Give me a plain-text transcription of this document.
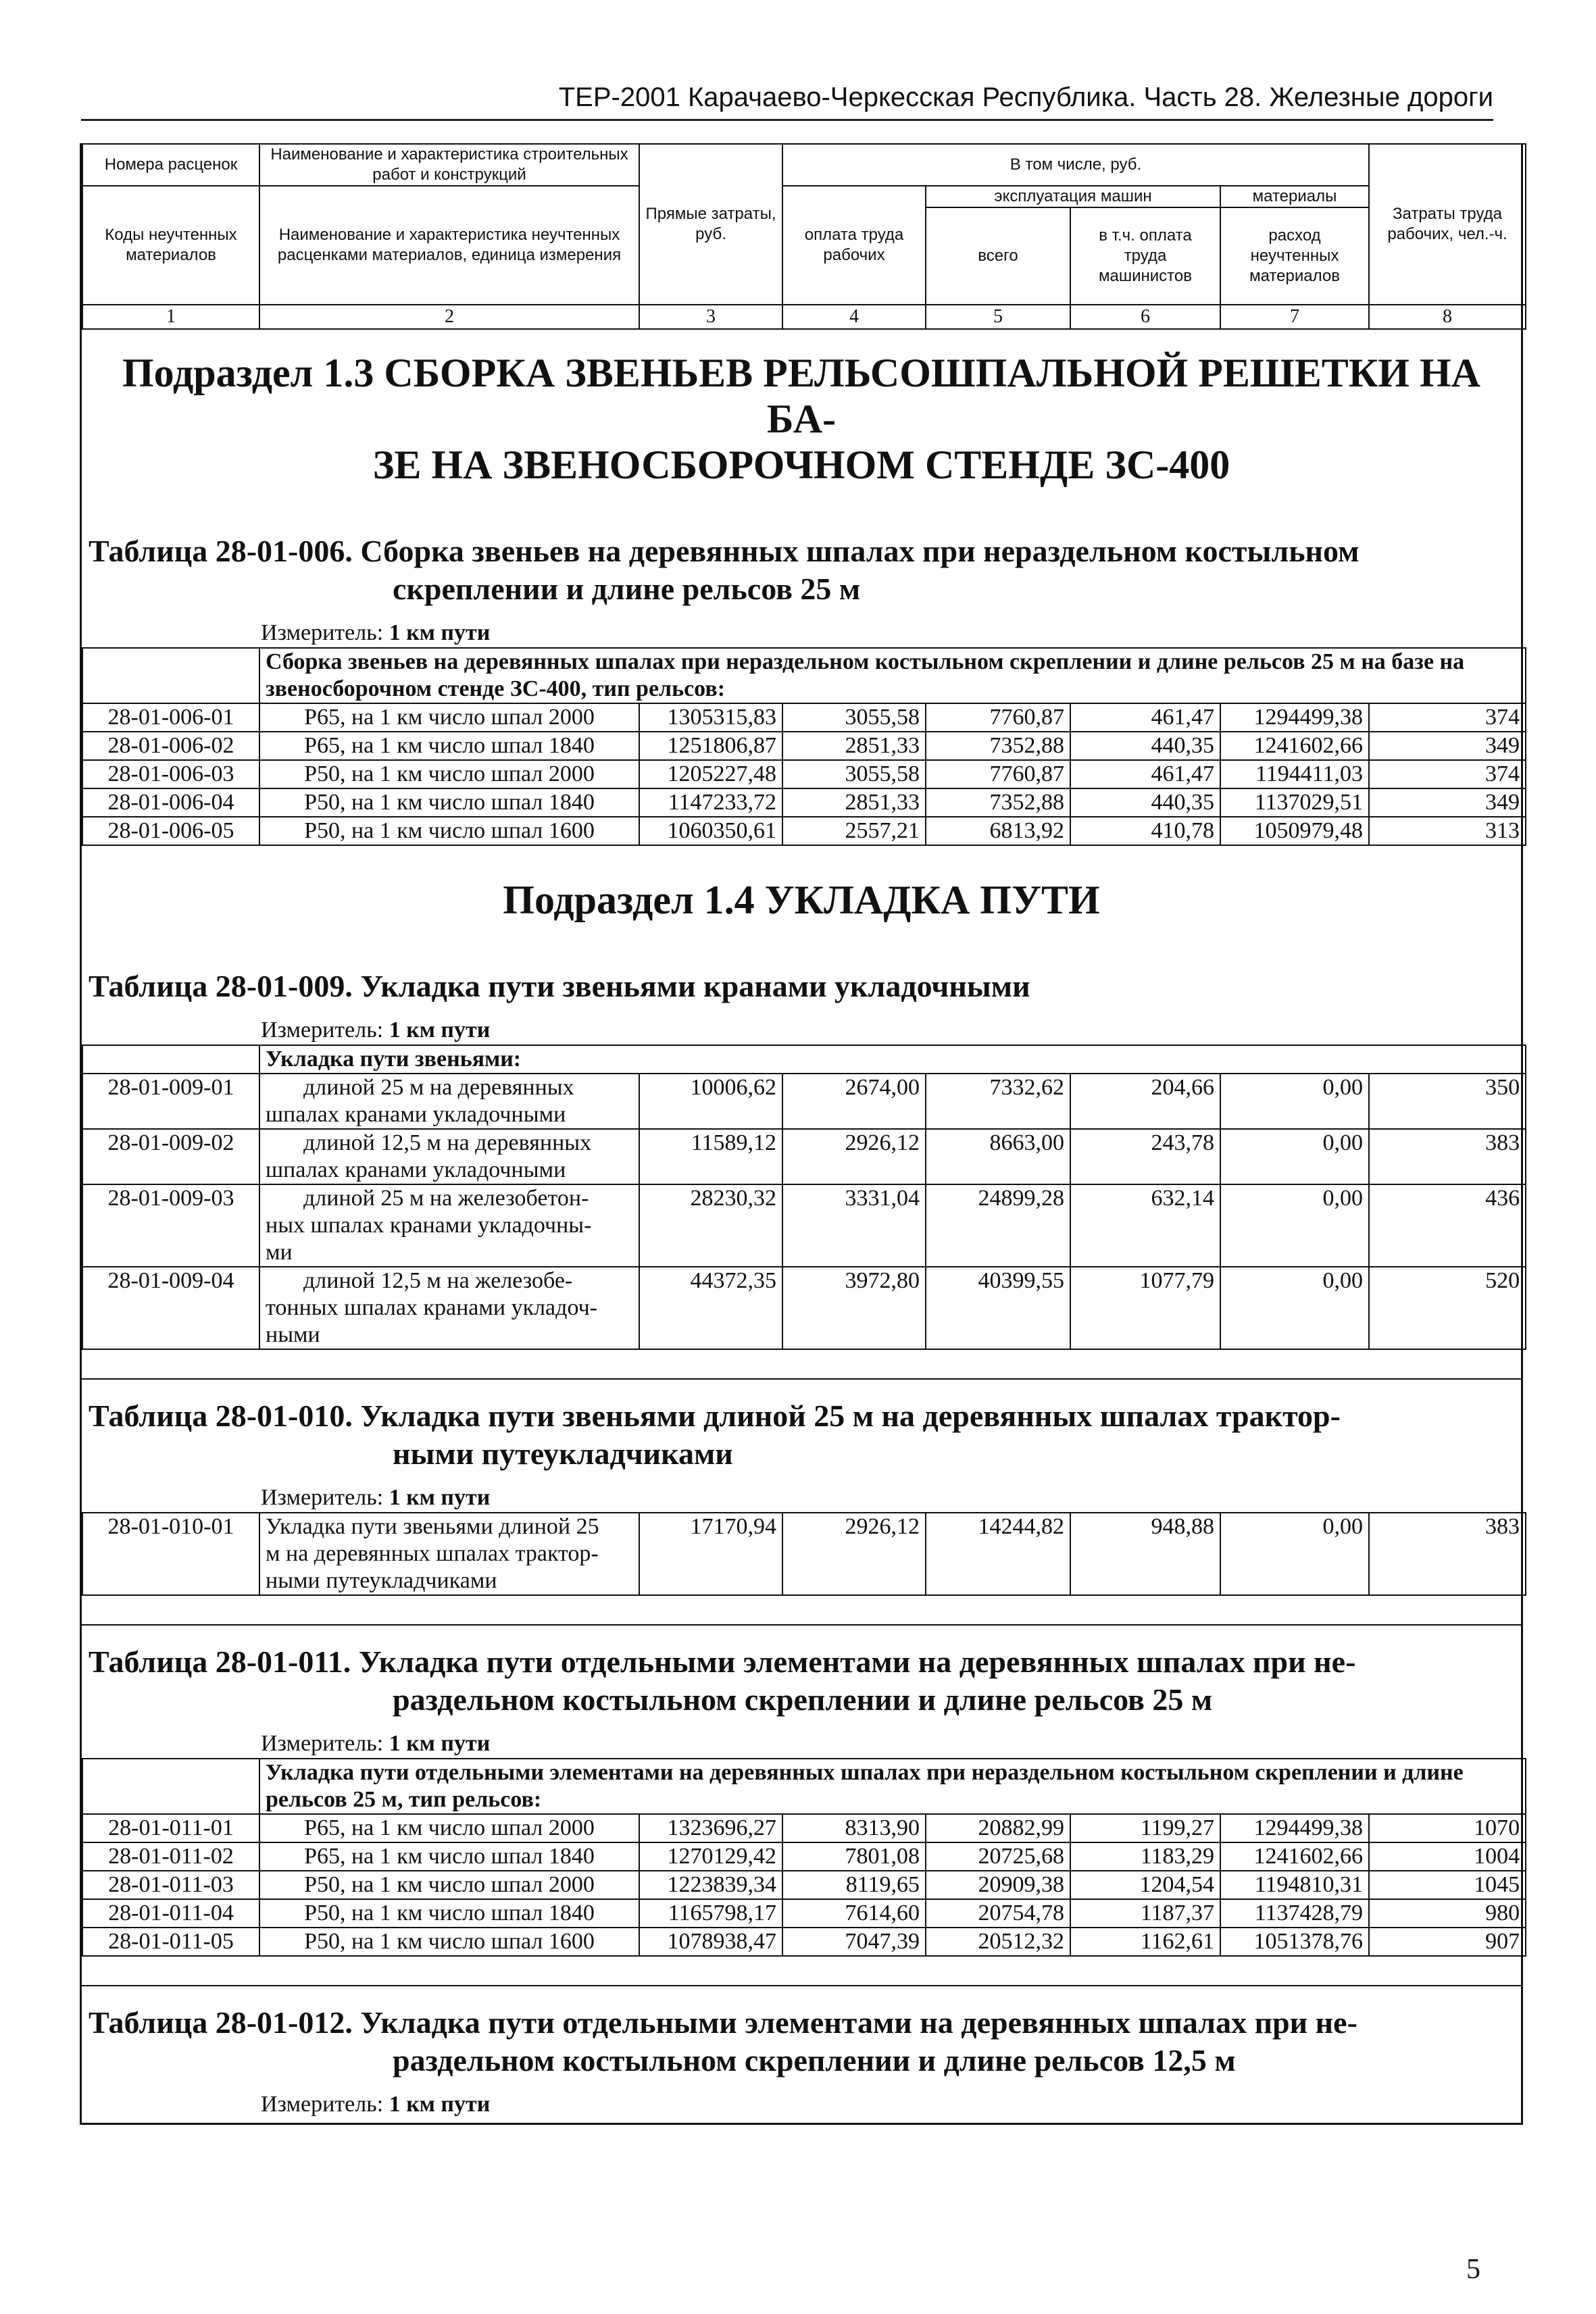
ТЕР-2001 Карачаево-Черкесская Республика. Часть 28. Железные дороги
Номера расценок	Наименование и характеристика строительных работ и конструкций	Прямые затраты, руб.	В том числе, руб.				Затраты труда рабочих, чел.-ч.
Коды неучтенных материалов	Наименование и характеристика неучтенных расценками материалов, единица измерения		оплата труда рабочих	эксплуатация машин		материалы	
				всего	в т.ч. оплата труда машинистов	расход неучтенных материалов	
1	2	3	4	5	6	7	8
Подраздел 1.3 СБОРКА ЗВЕНЬЕВ РЕЛЬСОШПАЛЬНОЙ РЕШЕТКИ НА БА-
ЗЕ НА ЗВЕНОСБОРОЧНОМ СТЕНДЕ ЗС-400
Таблица 28-01-006. Сборка звеньев на деревянных шпалах при нераздельном костыльном
скреплении и длине рельсов 25 м
Измеритель: 1 км пути
	Сборка звеньев на деревянных шпалах при нераздельном костыльном скреплении и длине рельсов 25 м на базе на звеносборочном стенде ЗС-400, тип рельсов:						
28-01-006-01	Р65, на 1 км число шпал 2000	1305315,83	3055,58	7760,87	461,47	1294499,38	374
28-01-006-02	Р65, на 1 км число шпал 1840	1251806,87	2851,33	7352,88	440,35	1241602,66	349
28-01-006-03	Р50, на 1 км число шпал 2000	1205227,48	3055,58	7760,87	461,47	1194411,03	374
28-01-006-04	Р50, на 1 км число шпал 1840	1147233,72	2851,33	7352,88	440,35	1137029,51	349
28-01-006-05	Р50, на 1 км число шпал 1600	1060350,61	2557,21	6813,92	410,78	1050979,48	313
Подраздел 1.4 УКЛАДКА ПУТИ
Таблица 28-01-009. Укладка пути звеньями кранами укладочными
Измеритель: 1 км пути
	Укладка пути звеньями:						
28-01-009-01	длиной 25 м на деревянных
шпалах кранами укладочными	10006,62	2674,00	7332,62	204,66	0,00	350
28-01-009-02	длиной 12,5 м на деревянных
шпалах кранами укладочными	11589,12	2926,12	8663,00	243,78	0,00	383
28-01-009-03	длиной 25 м на железобетон-
ных шпалах кранами укладочны-
ми	28230,32	3331,04	24899,28	632,14	0,00	436
28-01-009-04	длиной 12,5 м на железобе-
тонных шпалах кранами укладоч-
ными	44372,35	3972,80	40399,55	1077,79	0,00	520
Таблица 28-01-010. Укладка пути звеньями длиной 25 м на деревянных шпалах трактор-
ными путеукладчиками
Измеритель: 1 км пути
28-01-010-01	Укладка пути звеньями длиной 25
м на деревянных шпалах трактор-
ными путеукладчиками
	17170,94	2926,12	14244,82	948,88	0,00	383
Таблица 28-01-011. Укладка пути отдельными элементами на деревянных шпалах при не-
раздельном костыльном скреплении и длине рельсов 25 м
Измеритель: 1 км пути
	Укладка пути отдельными элементами на деревянных шпалах при нераздельном костыльном скреплении и длине рельсов 25 м, тип рельсов:						
28-01-011-01	Р65, на 1 км число шпал 2000	1323696,27	8313,90	20882,99	1199,27	1294499,38	1070
28-01-011-02	Р65, на 1 км число шпал 1840	1270129,42	7801,08	20725,68	1183,29	1241602,66	1004
28-01-011-03	Р50, на 1 км число шпал 2000	1223839,34	8119,65	20909,38	1204,54	1194810,31	1045
28-01-011-04	Р50, на 1 км число шпал 1840	1165798,17	7614,60	20754,78	1187,37	1137428,79	980
28-01-011-05	Р50, на 1 км число шпал 1600	1078938,47	7047,39	20512,32	1162,61	1051378,76	907
Таблица 28-01-012. Укладка пути отдельными элементами на деревянных шпалах при не-
раздельном костыльном скреплении и длине рельсов 12,5 м
Измеритель: 1 км пути
5
